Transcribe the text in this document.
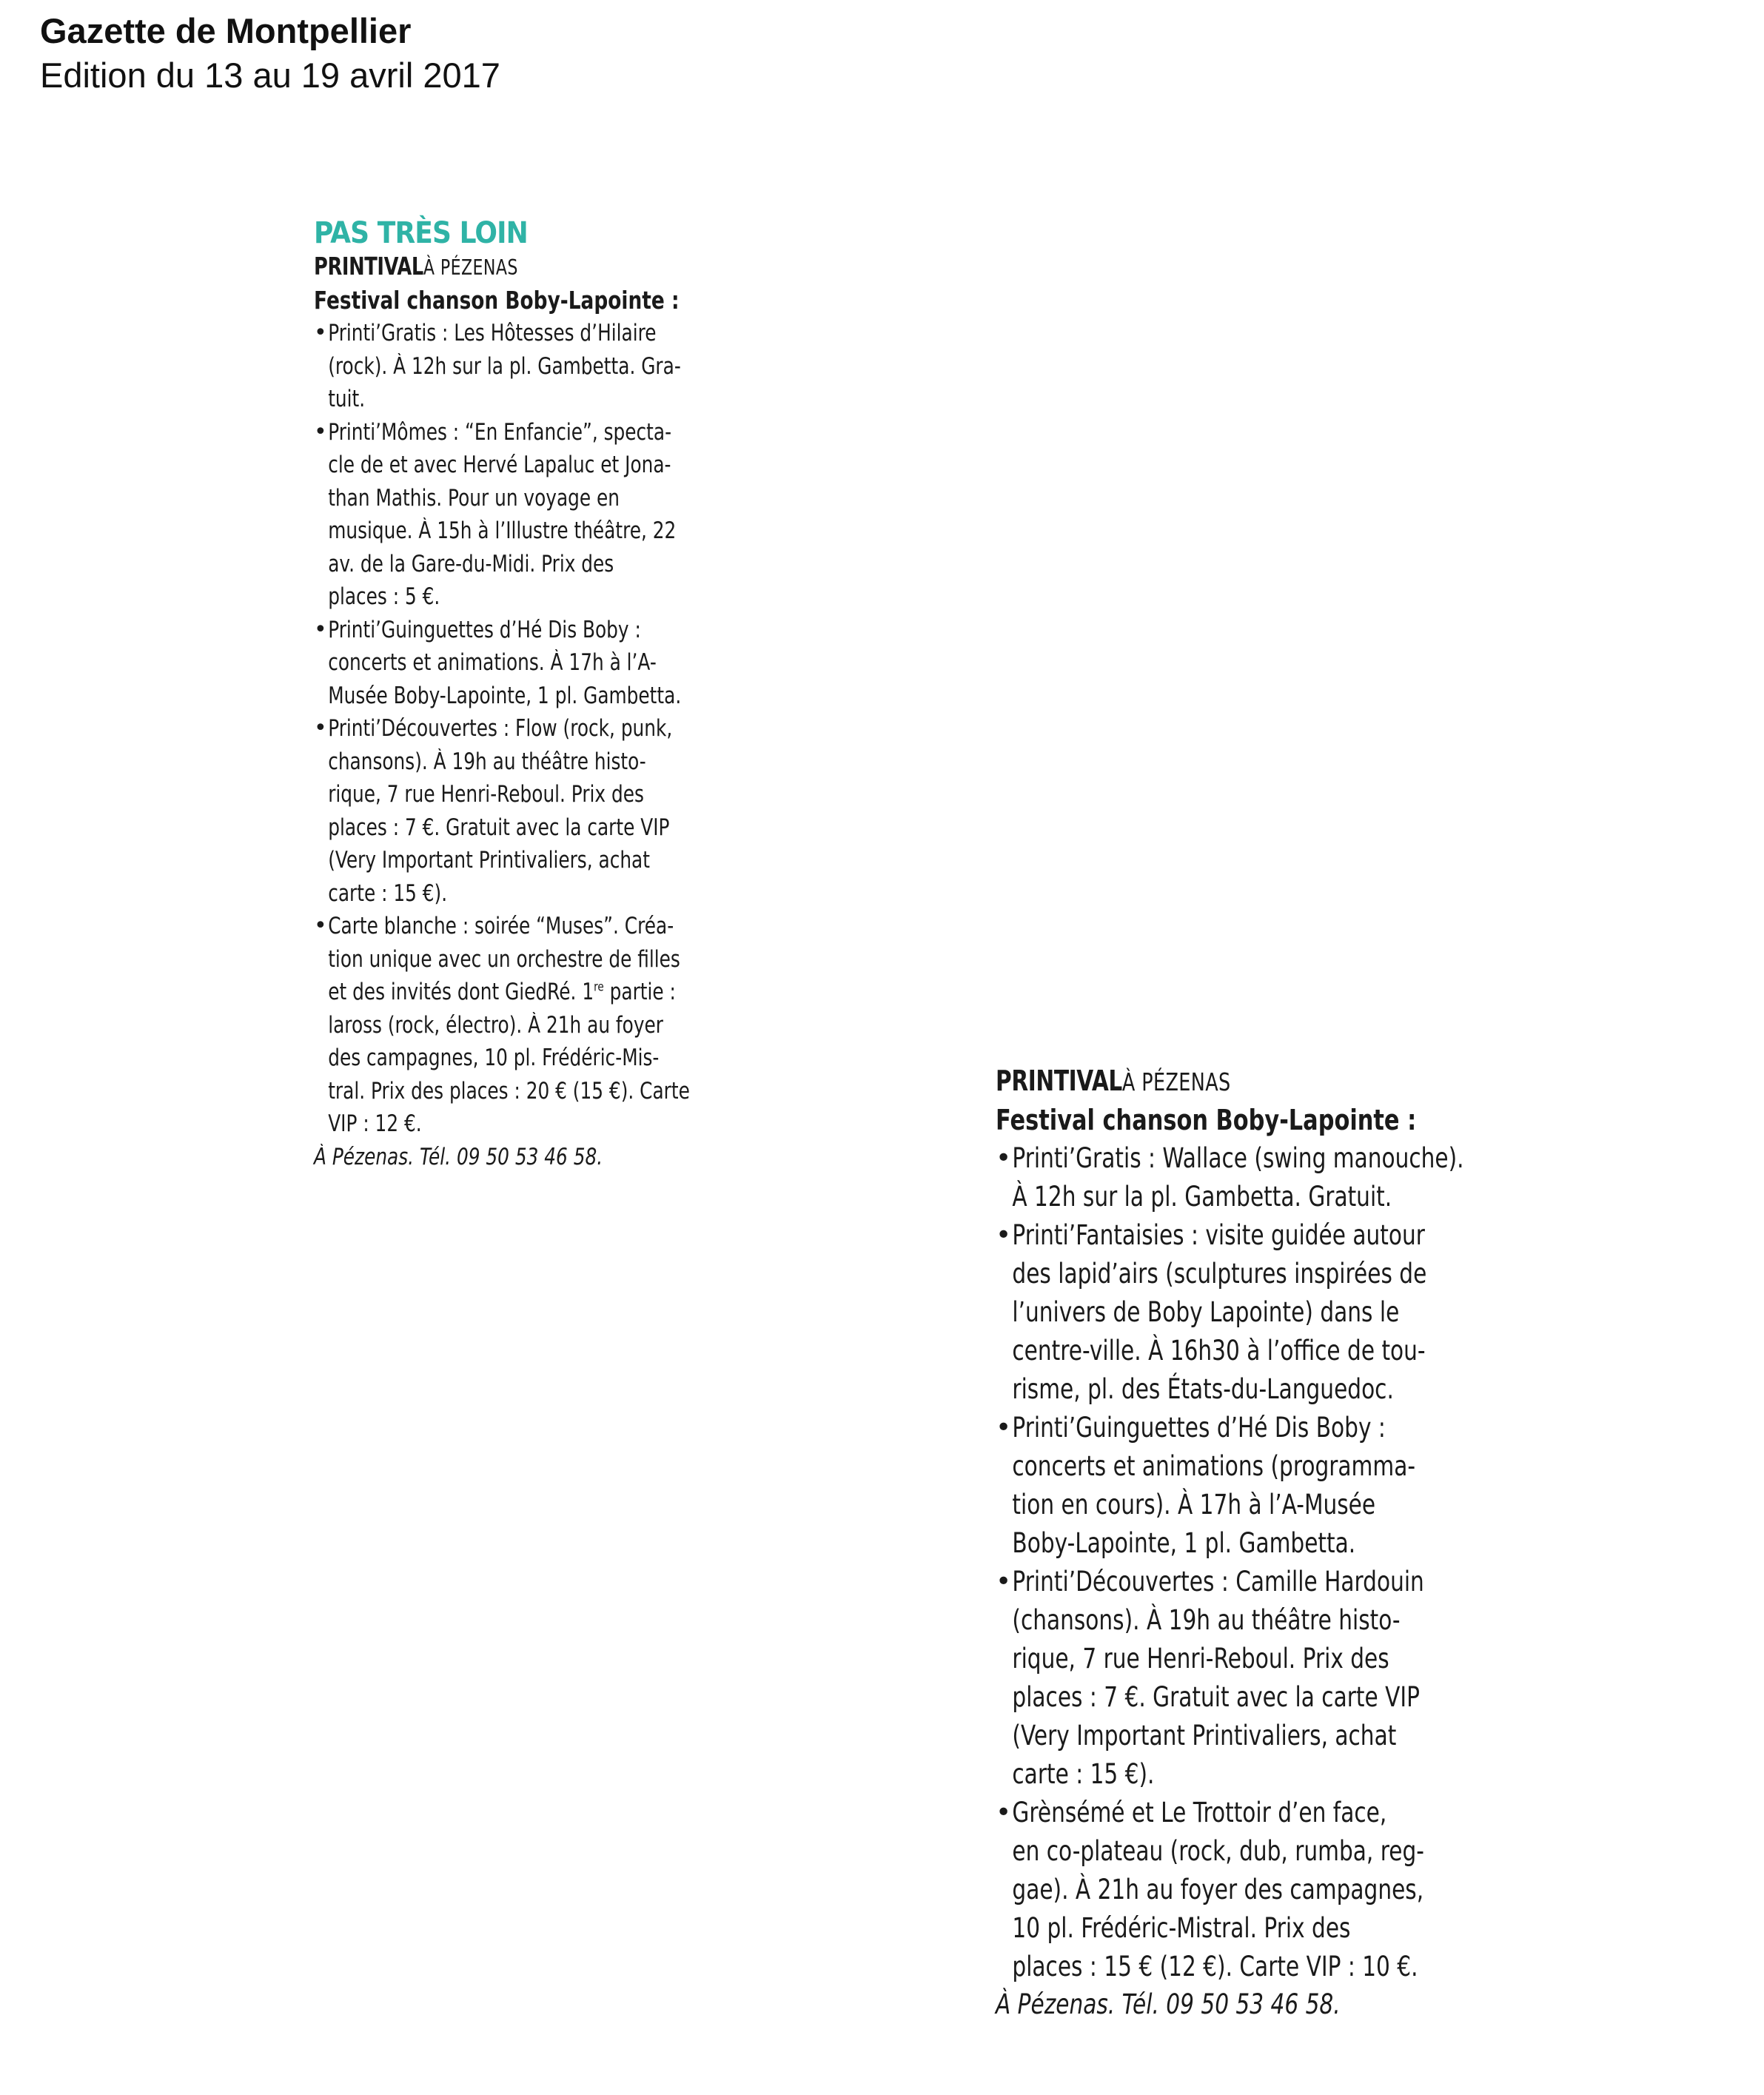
Gazette de Montpellier
Edition du 13 au 19 avril 2017
PAS TRÈS LOIN
PRINTIVALÀ PÉZENAS
Festival chanson Boby-Lapointe :
• Printi’Gratis : Les Hôtesses d’Hilaire
(rock). À 12h sur la pl. Gambetta. Gra-
tuit.
• Printi’Mômes : “En Enfancie”, specta-
cle de et avec Hervé Lapaluc et Jona-
than Mathis. Pour un voyage en
musique. À 15h à l’Illustre théâtre, 22
av. de la Gare-du-Midi. Prix des
places : 5 €.
• Printi’Guinguettes d’Hé Dis Boby :
concerts et animations. À 17h à l’A-
Musée Boby-Lapointe, 1 pl. Gambetta.
• Printi’Découvertes : Flow (rock, punk,
chansons). À 19h au théâtre histo-
rique, 7 rue Henri-Reboul. Prix des
places : 7 €. Gratuit avec la carte VIP
(Very Important Printivaliers, achat
carte : 15 €).
• Carte blanche : soirée “Muses”. Créa-
tion unique avec un orchestre de filles
et des invités dont GiedRé. 1re partie :
laross (rock, électro). À 21h au foyer
des campagnes, 10 pl. Frédéric-Mis-
tral. Prix des places : 20 € (15 €). Carte
VIP : 12 €.
À Pézenas. Tél. 09 50 53 46 58.
PRINTIVALÀ PÉZENAS
Festival chanson Boby-Lapointe :
• Printi’Gratis : Wallace (swing manouche).
À 12h sur la pl. Gambetta. Gratuit.
• Printi’Fantaisies : visite guidée autour
des lapid’airs (sculptures inspirées de
l’univers de Boby Lapointe) dans le
centre-ville. À 16h30 à l’office de tou-
risme, pl. des États-du-Languedoc.
• Printi’Guinguettes d’Hé Dis Boby :
concerts et animations (programma-
tion en cours). À 17h à l’A-Musée
Boby-Lapointe, 1 pl. Gambetta.
• Printi’Découvertes : Camille Hardouin
(chansons). À 19h au théâtre histo-
rique, 7 rue Henri-Reboul. Prix des
places : 7 €. Gratuit avec la carte VIP
(Very Important Printivaliers, achat
carte : 15 €).
• Grènsémé et Le Trottoir d’en face,
en co-plateau (rock, dub, rumba, reg-
gae). À 21h au foyer des campagnes,
10 pl. Frédéric-Mistral. Prix des
places : 15 € (12 €). Carte VIP : 10 €.
À Pézenas. Tél. 09 50 53 46 58.
